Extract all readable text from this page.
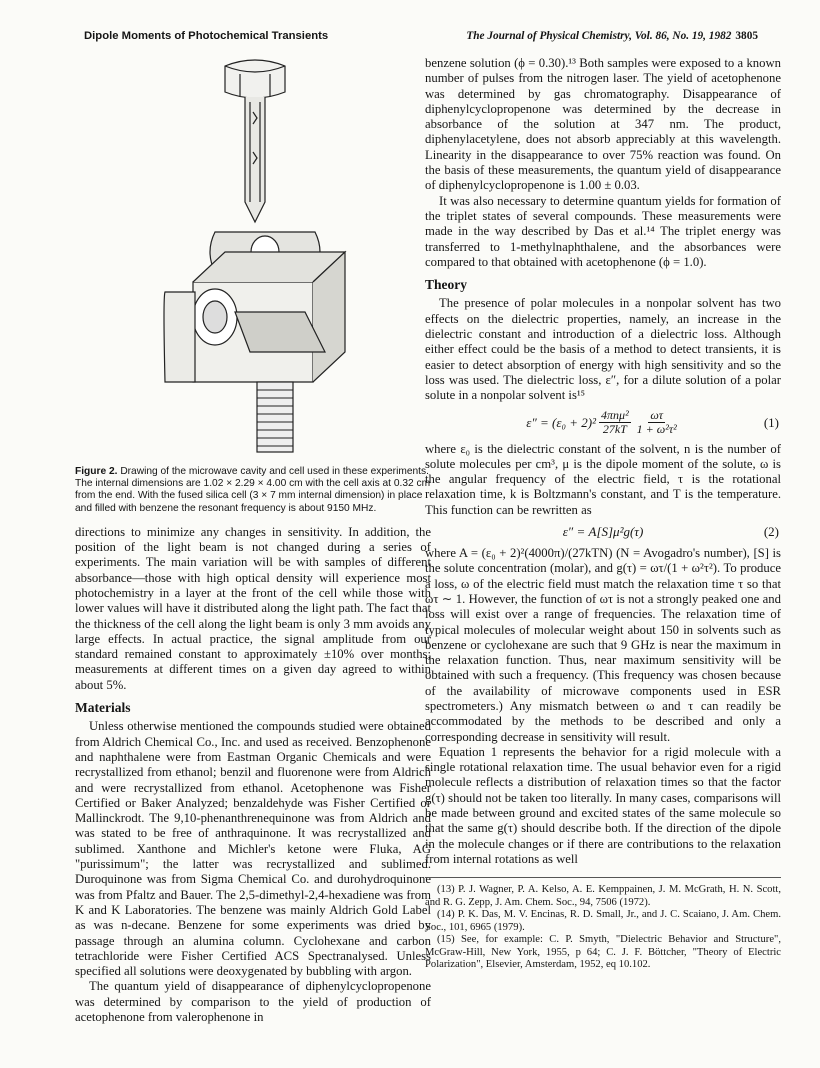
Dipole Moments of Photochemical Transients	The Journal of Physical Chemistry, Vol. 86, No. 19, 1982 3805
Figure 2. Drawing of the microwave cavity and cell used in these experiments. The internal dimensions are 1.02 × 2.29 × 4.00 cm with the cell axis at 0.32 cm from the end. With the fused silica cell (3 × 7 mm internal dimension) in place and filled with benzene the resonant frequency is about 9150 MHz.

directions to minimize any changes in sensitivity. In addition, the position of the light beam is not changed during a series of experiments. The main variation will be with samples of different absorbance—those with high optical density will experience most photochemistry in a layer at the front of the cell while those with lower values will have it distributed along the light path. The fact that the thickness of the cell along the light beam is only 3 mm avoids any large effects. In actual practice, the signal amplitude from our standard remained constant to approximately ±10% over months; measurements at different times on a given day agreed to within about 5%.

Materials

Unless otherwise mentioned the compounds studied were obtained from Aldrich Chemical Co., Inc. and used as received. Benzophenone and naphthalene were from Eastman Organic Chemicals and were recrystallized from ethanol; benzil and fluorenone were from Aldrich and were recrystallized from ethanol. Acetophenone was Fisher Certified or Baker Analyzed; benzaldehyde was Fisher Certified or Mallinckrodt. The 9,10-phenanthrenequinone was from Aldrich and was stated to be free of anthraquinone. It was recrystallized and sublimed. Xanthone and Michler's ketone were Fluka, AG "purissimum"; the latter was recrystallized and sublimed. Duroquinone was from Sigma Chemical Co. and durohydroquinone was from Pfaltz and Bauer. The 2,5-dimethyl-2,4-hexadiene was from K and K Laboratories. The benzene was mainly Aldrich Gold Label as was n-decane. Benzene for some experiments was dried by passage through an alumina column. Cyclohexane and carbon tetrachloride were Fisher Certified ACS Spectranalysed. Unless specified all solutions were deoxygenated by bubbling with argon.

The quantum yield of disappearance of diphenylcyclopropenone was determined by comparison to the yield of production of acetophenone from valerophenone in

benzene solution (ϕ = 0.30).¹³ Both samples were exposed to a known number of pulses from the nitrogen laser. The yield of acetophenone was determined by gas chromatography. Disappearance of diphenylcyclopropenone was determined by the decrease in absorbance of the solution at 347 nm. The product, diphenylacetylene, does not absorb appreciably at this wavelength. Linearity in the disappearance to over 75% reaction was found. On the basis of these measurements, the quantum yield of disappearance of diphenylcyclopropenone is 1.00 ± 0.03.

It was also necessary to determine quantum yields for formation of the triplet states of several compounds. These measurements were made in the way described by Das et al.¹⁴ The triplet energy was transferred to 1-methylnaphthalene, and the absorbances were compared to that obtained with acetophenone (ϕ = 1.0).

Theory

The presence of polar molecules in a nonpolar solvent has two effects on the dielectric properties, namely, an increase in the dielectric constant and introduction of a dielectric loss. Although either effect could be the basis of a method to detect transients, it is easier to detect absorption of energy with high sensitivity and so the loss was used. The dielectric loss, ε″, for a dilute solution of a polar solute in a nonpolar solvent is¹⁵

$\varepsilon'' = (\varepsilon_0 + 2)^2 \frac{\text{4πnμ²}}{27kT} \frac{\omega\tau}{\text{1 + ω²τ²}}$	(1)

where ε₀ is the dielectric constant of the solvent, n is the number of solute molecules per cm³, μ is the dipole moment of the solute, ω is the angular frequency of the electric field, τ is the rotational relaxation time, k is Boltzmann's constant, and T is the temperature. This function can be rewritten as

ε″ = A[S]μ²g(τ)	(2)

where A = (ε₀ + 2)²(4000π)/(27kTN) (N = Avogadro's number), [S] is the solute concentration (molar), and g(τ) = ωτ/(1 + ω²τ²). To produce a loss, ω of the electric field must match the relaxation time τ so that ωτ ∼ 1. However, the function of ωτ is not a strongly peaked one and loss will exist over a range of frequencies. The relaxation time of typical molecules of molecular weight about 150 in solvents such as benzene or cyclohexane are such that 9 GHz is near the maximum in the relaxation function. Thus, near maximum sensitivity will be obtained with such a frequency. (This frequency was chosen because of the availability of microwave components used in ESR spectrometers.) Any mismatch between ω and τ can readily be accommodated by the methods to be described and only a corresponding decrease in sensitivity will result.

Equation 1 represents the behavior for a rigid molecule with a single rotational relaxation time. The usual behavior even for a rigid molecule reflects a distribution of relaxation times so that the factor g(τ) should not be taken too literally. In many cases, comparisons will be made between ground and excited states of the same molecule so that the same g(τ) should describe both. If the direction of the dipole in the molecule changes or if there are contributions to the relaxation from internal rotations as well

(13) P. J. Wagner, P. A. Kelso, A. E. Kemppainen, J. M. McGrath, H. N. Scott, and R. G. Zepp, J. Am. Chem. Soc., 94, 7506 (1972).

(14) P. K. Das, M. V. Encinas, R. D. Small, Jr., and J. C. Scaiano, J. Am. Chem. Soc., 101, 6965 (1979).

(15) See, for example: C. P. Smyth, "Dielectric Behavior and Structure", McGraw-Hill, New York, 1955, p 64; C. J. F. Böttcher, "Theory of Electric Polarization", Elsevier, Amsterdam, 1952, eq 10.102.
